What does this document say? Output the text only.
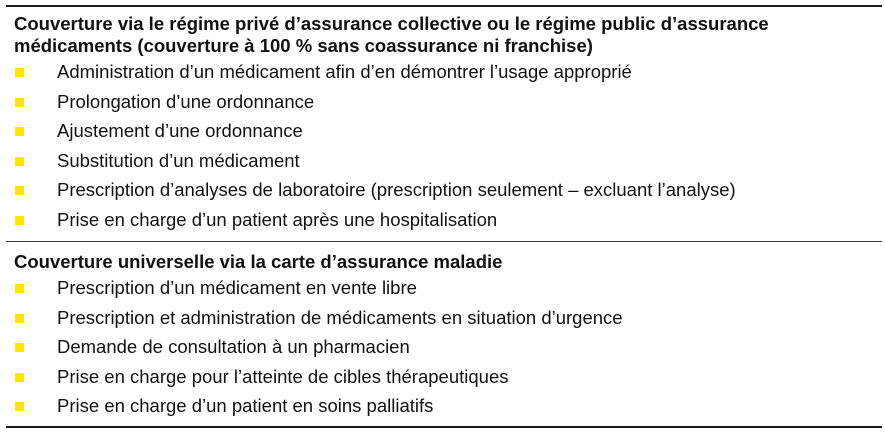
Couverture via le régime privé d’assurance collective ou le régime public d’assurance médicaments (couverture à 100 % sans coassurance ni franchise)
Administration d’un médicament afin d’en démontrer l’usage approprié
Prolongation d’une ordonnance
Ajustement d’une ordonnance
Substitution d’un médicament
Prescription d’analyses de laboratoire (prescription seulement – excluant l’analyse)
Prise en charge d’un patient après une hospitalisation
Couverture universelle via la carte d’assurance maladie
Prescription d’un médicament en vente libre
Prescription et administration de médicaments en situation d’urgence
Demande de consultation à un pharmacien
Prise en charge pour l’atteinte de cibles thérapeutiques
Prise en charge d’un patient en soins palliatifs
